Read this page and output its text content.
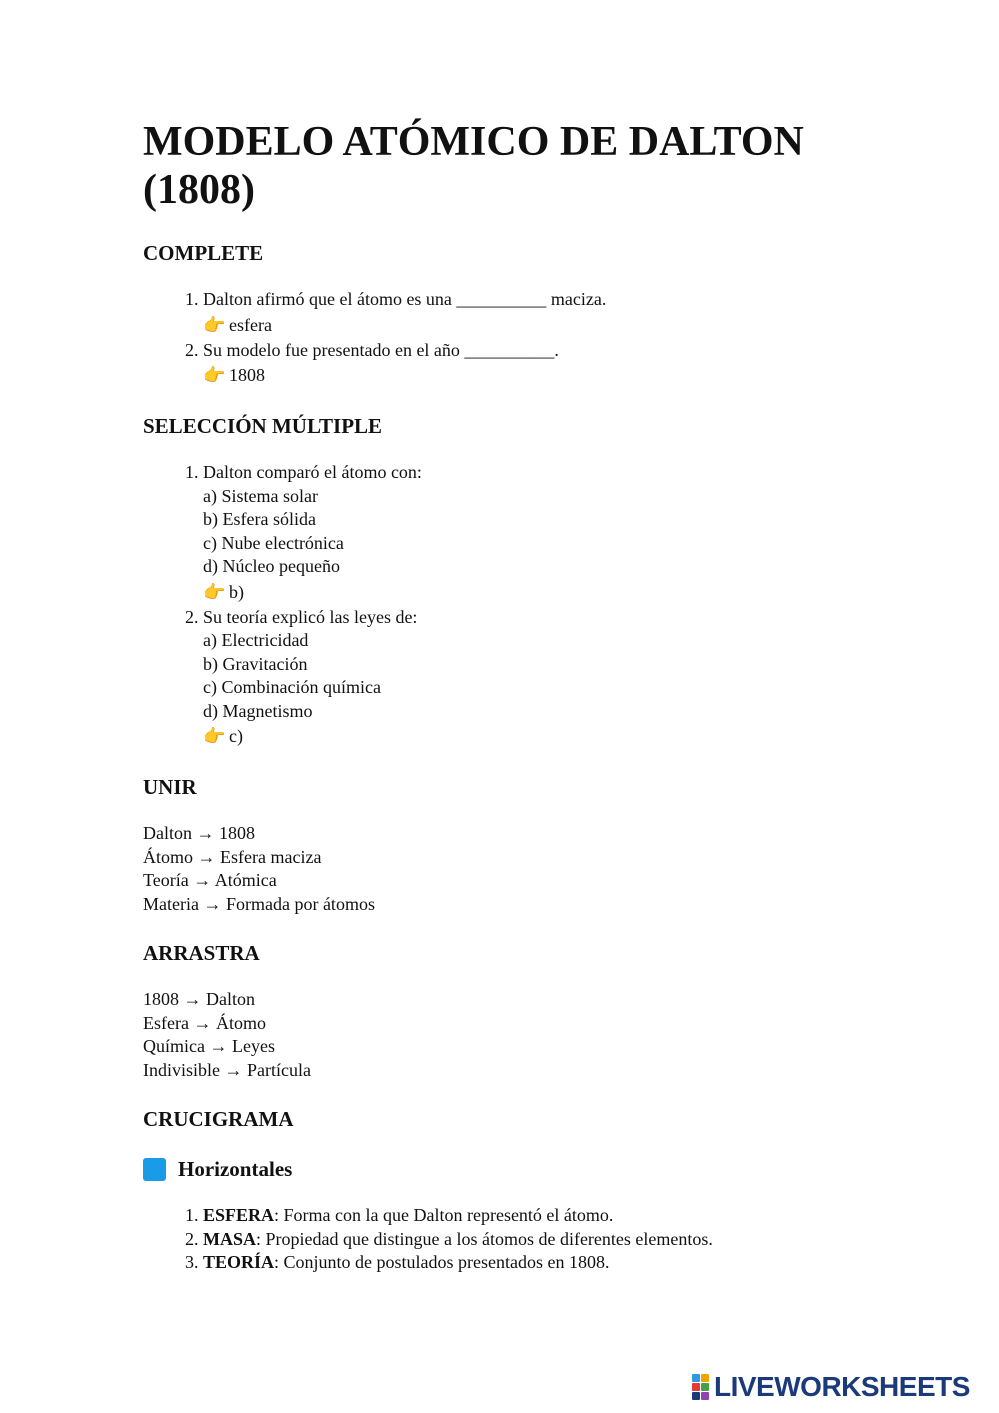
MODELO ATÓMICO DE DALTON
(1808)
COMPLETE
1. Dalton afirmó que el átomo es una __________ maciza.
👉 esfera
2. Su modelo fue presentado en el año __________.
👉 1808
SELECCIÓN MÚLTIPLE
1. Dalton comparó el átomo con:
a) Sistema solar
b) Esfera sólida
c) Nube electrónica
d) Núcleo pequeño
👉 b)
2. Su teoría explicó las leyes de:
a) Electricidad
b) Gravitación
c) Combinación química
d) Magnetismo
👉 c)
UNIR
Dalton → 1808
Átomo → Esfera maciza
Teoría → Atómica
Materia → Formada por átomos
ARRASTRA
1808 → Dalton
Esfera → Átomo
Química → Leyes
Indivisible → Partícula
CRUCIGRAMA
Horizontales
1. ESFERA: Forma con la que Dalton representó el átomo.
2. MASA: Propiedad que distingue a los átomos de diferentes elementos.
3. TEORÍA: Conjunto de postulados presentados en 1808.
LIVEWORKSHEETS
